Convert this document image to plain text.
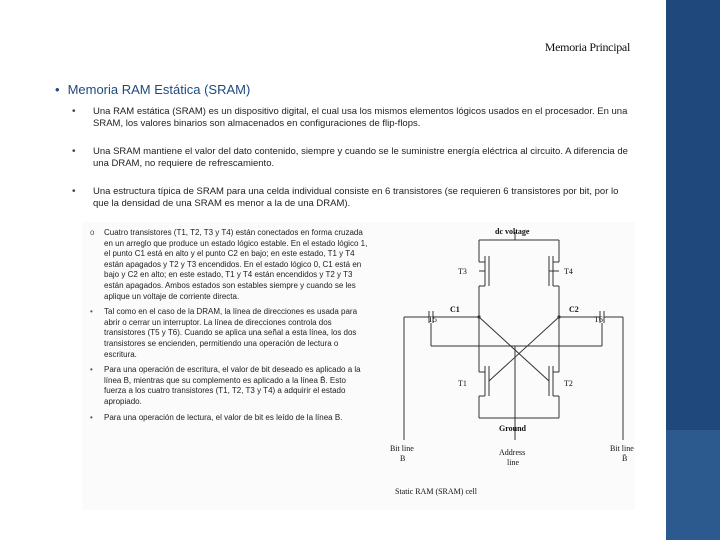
Memoria Principal
• Memoria RAM Estática (SRAM)
• Una RAM estática (SRAM) es un dispositivo digital, el cual usa los mismos elementos lógicos usados en el procesador. En una SRAM, los valores binarios son almacenados en configuraciones de flip-flops.
• Una SRAM mantiene el valor del dato contenido, siempre y cuando se le suministre energía eléctrica al circuito. A diferencia de una DRAM, no requiere de refrescamiento.
• Una estructura típica de SRAM para una celda individual consiste en 6 transistores (se requieren 6 transistores por bit, por lo que la densidad de una SRAM es menor a la de una DRAM).

o Cuatro transistores (T1, T2, T3 y T4) están conectados en forma cruzada en un arreglo que produce un estado lógico estable. En el estado lógico 1, el punto C1 está en alto y el punto C2 en bajo; en este estado, T1 y T4 están apagados y T2 y T3 encendidos. En el estado lógico 0, C1 está en bajo y C2 en alto; en este estado, T1 y T4 están encendidos y T2 y T3 están apagados. Ambos estados son estables siempre y cuando se les aplique un voltaje de corriente directa.

• Tal como en el caso de la DRAM, la línea de direcciones es usada para abrir o cerrar un interruptor. La línea de direcciones controla dos transistores (T5 y T6). Cuando se aplica una señal a esta línea, los dos transistores se encienden, permitiendo una operación de lectura o escritura.

• Para una operación de escritura, el valor de bit deseado es aplicado a la línea B, mientras que su complemento es aplicado a la línea B̄. Esto fuerza a los cuatro transistores (T1, T2, T3 y T4) a adquirir el estado apropiado.

• Para una operación de lectura, el valor de bit es leído de la línea B.

dc voltage
T3	T4
T5	T6
C1	C2
T1	T2
Ground
Bit line
B
Address
line
Bit line
B̄
Static RAM (SRAM) cell
